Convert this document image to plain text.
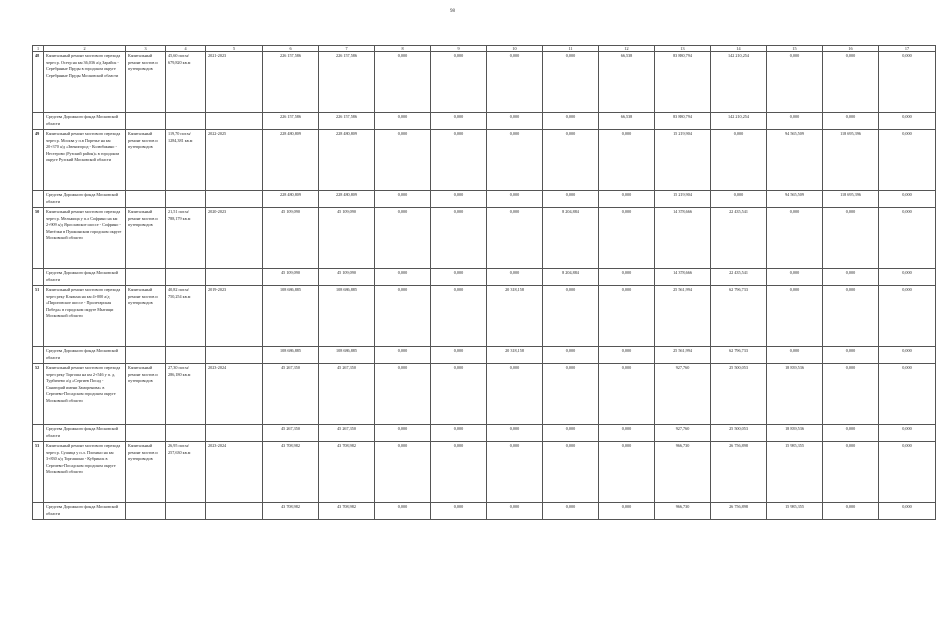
98
1	2	3	4	5	6	7	8	9	10	11	12	13	14	15	16	17
48	Капитальный ремонт мостового перехода через р. Осетр на км 36,036 а/д Зарайск - Серебряные Пруды в городском округе Серебряные Пруды Московской области	Капитальный ремонт мостов и путепроводов	45,60 пог.м/ 679,820 кв.м	2021-2023	226 157,586	226 157,586	0,000	0,000	0,000	0,000	66,538	83 880,794	142 210,254	0,000	0,000	0,000
	Средства Дорожного фонда Московской области				226 157,586	226 157,586	0,000	0,000	0,000	0,000	66,538	83 880,794	142 210,254	0,000	0,000	0,000
49	Капитальный ремонт мостового перехода через р. Москва у п.в Поречье на км 20+370 а/д «Звенигород - Колюбакино - Нестерово (Рузский район)» в городском округе Рузский Московской области	Капитальный ремонт мостов и путепроводов	119,70 пог.м/ 1284,381 кв.м	2022-2025	228 480,809	228 480,809	0,000	0,000	0,000	0,000	0,000	15 219,904	0,000	94 565,509	118 695,396	0,000
	Средства Дорожного фонда Московской области				228 480,809	228 480,809	0,000	0,000	0,000	0,000	0,000	15 219,904	0,000	94 565,509	118 695,396	0,000
50	Капитальный ремонт мостового перехода через р. Мельжица у п.л Софрино на км 2+909 а/д Ярославское шоссе - Софрино - Митёлки в Пушкинском городском округе Московской области	Капитальный ремонт мостов и путепроводов	21,51 пог.м/ 788,179 кв.м	2020-2023	45 109,090	45 109,090	0,000	0,000	0,000	8 204,884	0,000	14 378,666	22 435,541	0,000	0,000	0,000
	Средства Дорожного фонда Московской области				45 109,090	45 109,090	0,000	0,000	0,000	8 204,884	0,000	14 378,666	22 435,541	0,000	0,000	0,000
51	Капитальный ремонт мостового перехода через реку Клязьма на км 4+000 а/д «Пироговское шоссе - Пролетарская Победа» в городском округе Мытищи Московской области	Капитальный ремонт мостов и путепроводов	40,82 пог.м/ 750,254 кв.м	2019-2023	108 686,885	108 686,885	0,000	0,000	20 318,158	0,000	0,000	25 561,994	62 796,733	0,000	0,000	0,000
	Средства Дорожного фонда Московской области				108 686,885	108 686,885	0,000	0,000	20 318,158	0,000	0,000	25 561,994	62 796,733	0,000	0,000	0,000
52	Капитальный ремонт мостового перехода через реку Торгоша на км 2+546 у п. д. Турбичево а/д «Сергиев Посад - Санаторий имени Заморенова» в Сергиево-Посадском городском округе Московской области	Капитальный ремонт мостов и путепроводов	27,30 пог.м/ 286,180 кв.м	2023-2024	45 267,350	45 267,350	0,000	0,000	0,000	0,000	0,000	927,760	25 500,053	18 839,536	0,000	0,000
	Средства Дорожного фонда Московской области				45 267,350	45 267,350	0,000	0,000	0,000	0,000	0,000	927,760	25 500,053	18 839,536	0,000	0,000
53	Капитальный ремонт мостового перехода через р. Сушица у п.л. Плохино на км 3+830 а/д Торгашино - Кубринск в Сергиево-Посадском городском округе Московской области	Капитальный ремонт мостов и путепроводов	26,95 пог.м/ 257,630 кв.м	2023-2024	43 708,982	43 708,982	0,000	0,000	0,000	0,000	0,000	966,730	26 756,898	15 985,355	0,000	0,000
	Средства Дорожного фонда Московской области				43 708,982	43 708,982	0,000	0,000	0,000	0,000	0,000	966,730	26 756,898	15 985,355	0,000	0,000
